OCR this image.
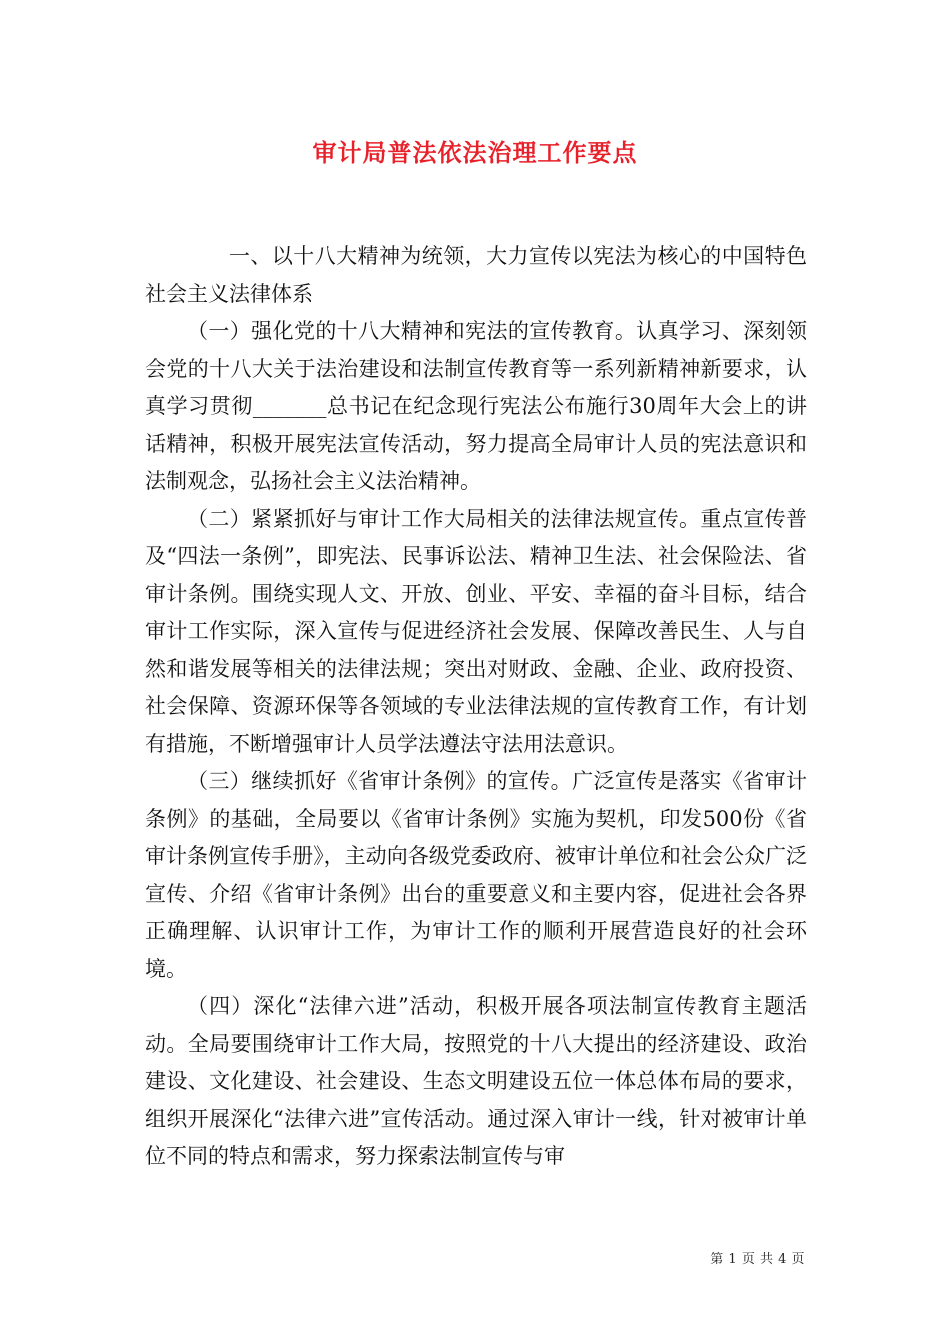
审计局普法依法治理工作要点

一、以十八大精神为统领，大力宣传以宪法为核心的中国特色社会主义法律体系

（一）强化党的十八大精神和宪法的宣传教育。认真学习、深刻领会党的十八大关于法治建设和法制宣传教育等一系列新精神新要求，认真学习贯彻_______总书记在纪念现行宪法公布施行30周年大会上的讲话精神，积极开展宪法宣传活动，努力提高全局审计人员的宪法意识和法制观念，弘扬社会主义法治精神。

（二）紧紧抓好与审计工作大局相关的法律法规宣传。重点宣传普及“四法一条例”，即宪法、民事诉讼法、精神卫生法、社会保险法、省审计条例。围绕实现人文、开放、创业、平安、幸福的奋斗目标，结合审计工作实际，深入宣传与促进经济社会发展、保障改善民生、人与自然和谐发展等相关的法律法规；突出对财政、金融、企业、政府投资、社会保障、资源环保等各领域的专业法律法规的宣传教育工作，有计划有措施，不断增强审计人员学法遵法守法用法意识。

（三）继续抓好《省审计条例》的宣传。广泛宣传是落实《省审计条例》的基础，全局要以《省审计条例》实施为契机，印发500份《省审计条例宣传手册》，主动向各级党委政府、被审计单位和社会公众广泛宣传、介绍《省审计条例》出台的重要意义和主要内容，促进社会各界正确理解、认识审计工作，为审计工作的顺利开展营造良好的社会环境。

（四）深化“法律六进”活动，积极开展各项法制宣传教育主题活动。全局要围绕审计工作大局，按照党的十八大提出的经济建设、政治建设、文化建设、社会建设、生态文明建设五位一体总体布局的要求，组织开展深化“法律六进”宣传活动。通过深入审计一线，针对被审计单位不同的特点和需求，努力探索法制宣传与审

第 1 页 共 4 页
